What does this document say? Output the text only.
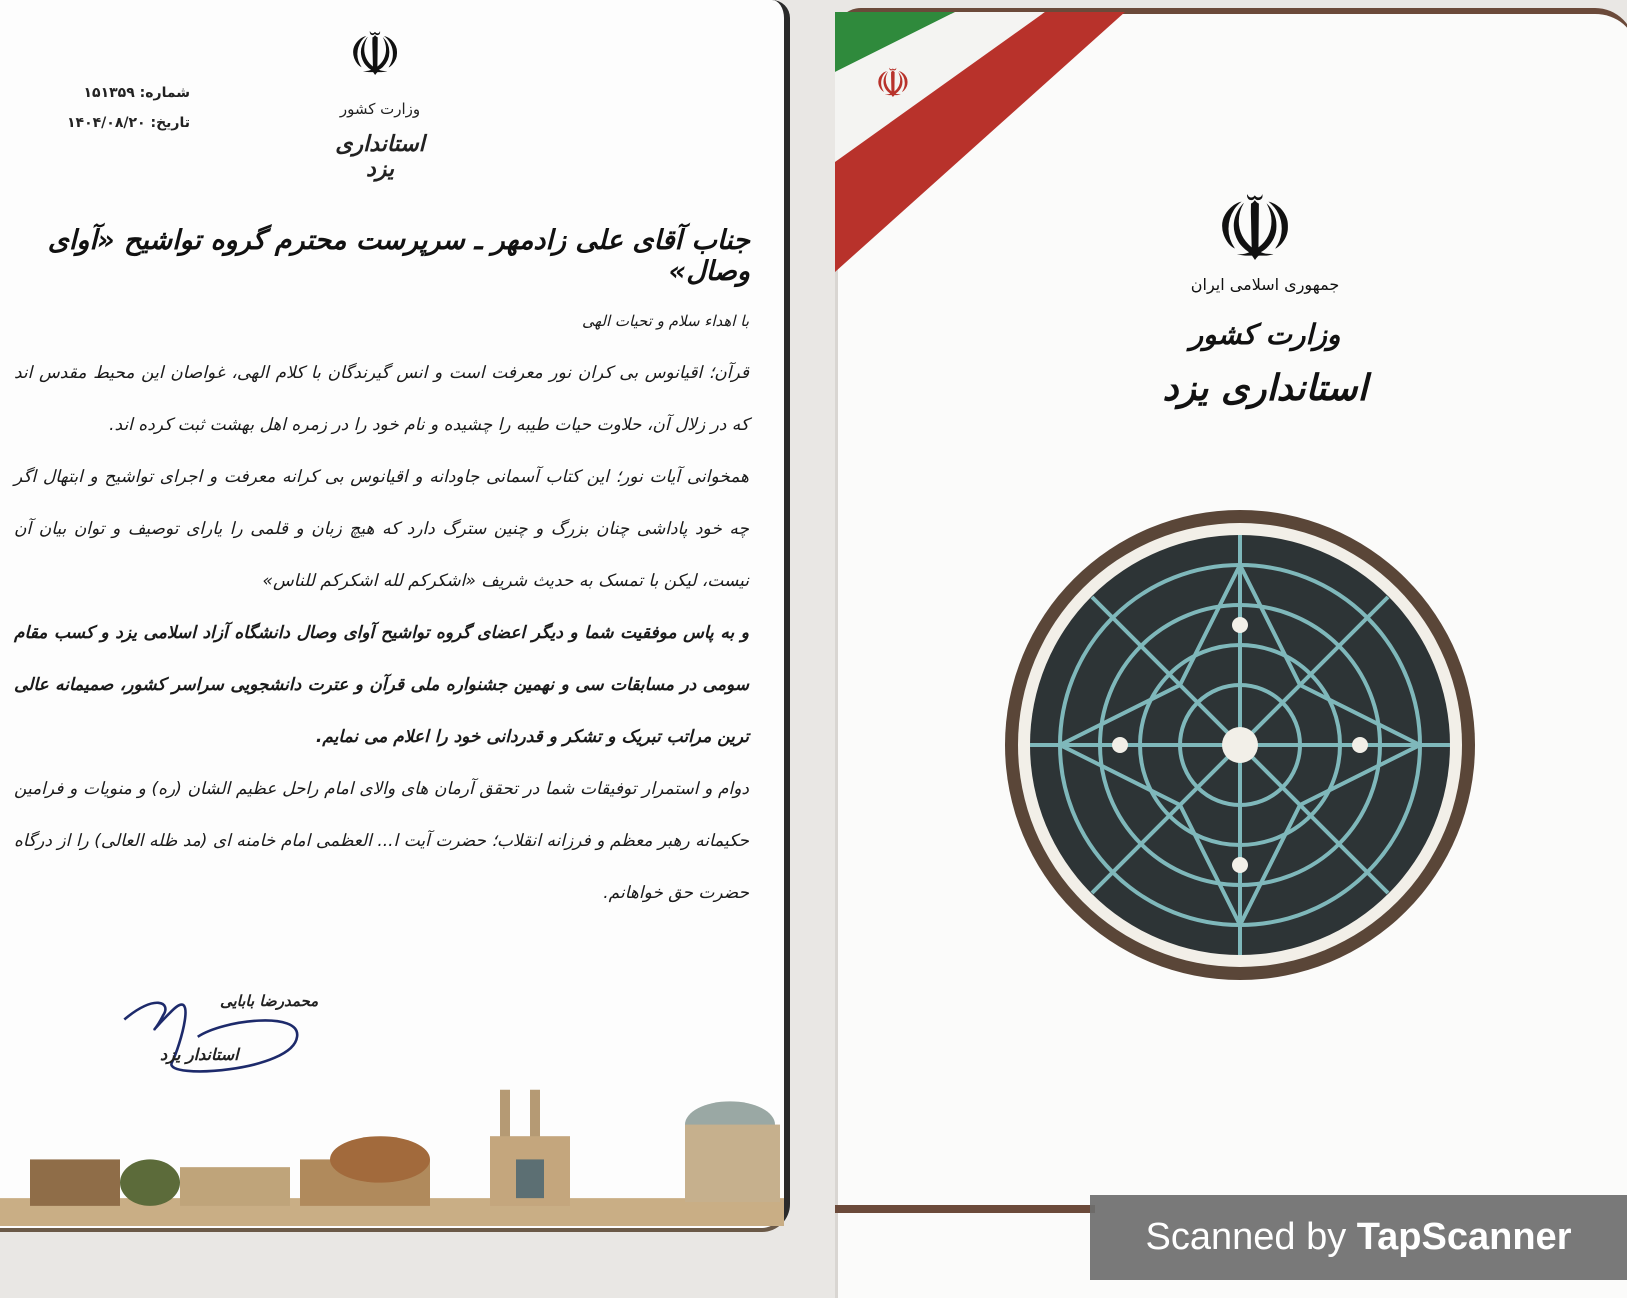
☫
وزارت کشور
استانداری یزد
شماره: ۱۵۱۳۵۹
تاریخ: ۱۴۰۴/۰۸/۲۰
جناب آقای علی زادمهر ـ سرپرست محترم گروه تواشیح «آوای وصال»

با اهداء سلام و تحیات الهی

قرآن؛ اقیانوس بی کران نور معرفت است و انس گیرندگان با کلام الهی، غواصان این محیط مقدس اند که در زلال آن، حلاوت حیات طیبه را چشیده و نام خود را در زمره اهل بهشت ثبت کرده اند.

همخوانی آیات نور؛ این کتاب آسمانی جاودانه و اقیانوس بی کرانه معرفت و اجرای تواشیح و ابتهال اگر چه خود پاداشی چنان بزرگ و چنین سترگ دارد که هیچ زبان و قلمی را یارای توصیف و توان بیان آن نیست، لیکن با تمسک به حدیث شریف «اشکرکم لله اشکرکم للناس»

و به پاس موفقیت شما و دیگر اعضای گروه تواشیح آوای وصال دانشگاه آزاد اسلامی یزد و کسب مقام سومی در مسابقات سی و نهمین جشنواره ملی قرآن و عترت دانشجویی سراسر کشور، صمیمانه عالی ترین مراتب تبریک و تشکر و قدردانی خود را اعلام می نمایم.

دوام و استمرار توفیقات شما در تحقق آرمان های والای امام راحل عظیم الشان (ره) و منویات و فرامین حکیمانه رهبر معظم و فرزانه انقلاب؛ حضرت آیت ا... العظمی امام خامنه ای (مد ظله العالی) را از درگاه حضرت حق خواهانم.

محمدرضا بابایی
استاندار یزد
☫
☫
جمهوری اسلامی ایران
وزارت کشور
استانداری یزد
Scanned by TapScanner
